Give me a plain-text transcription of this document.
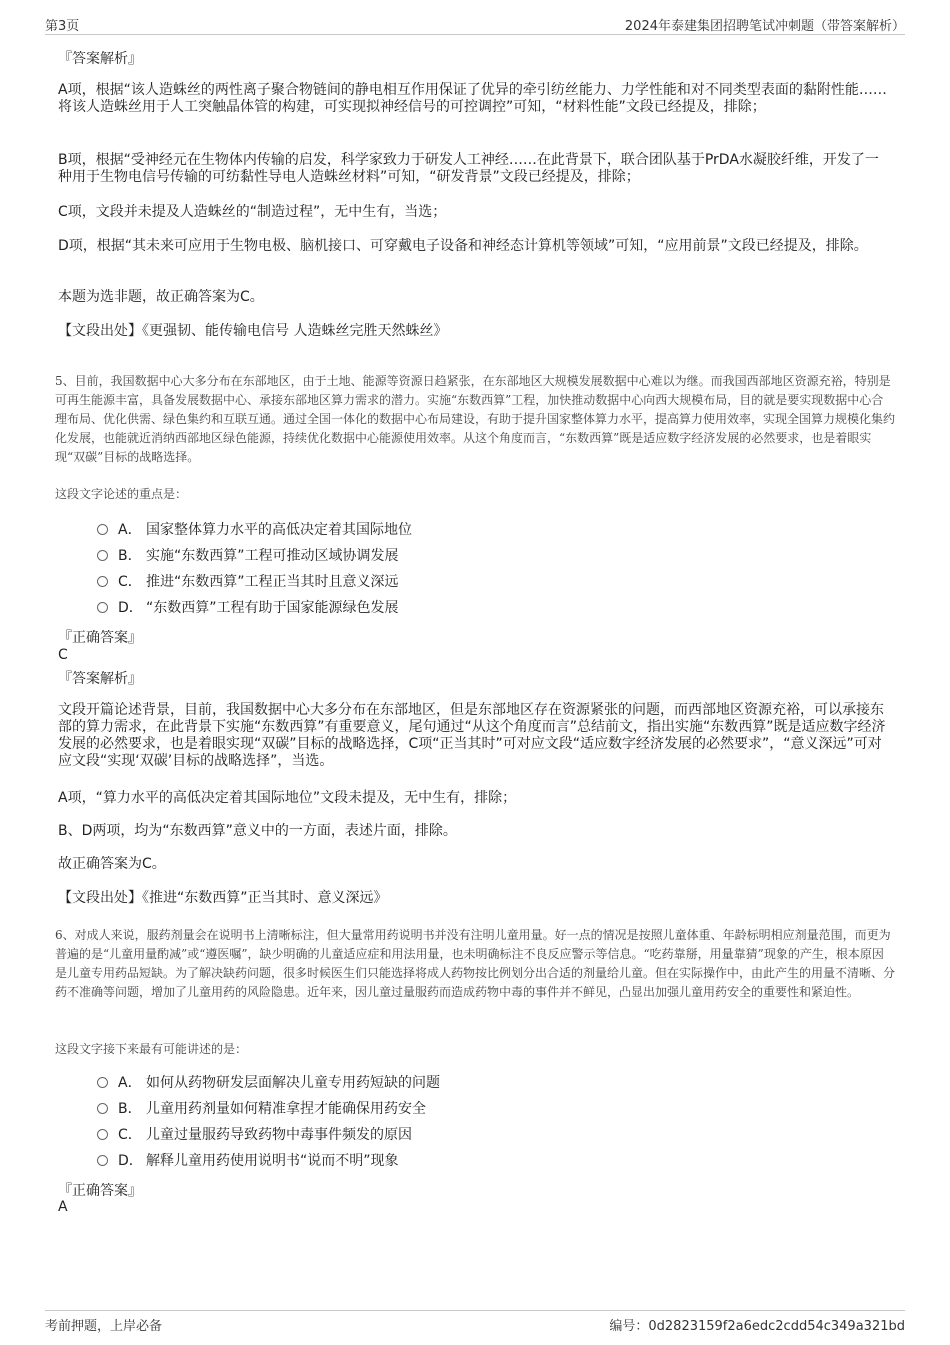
第3页	2024年泰建集团招聘笔试冲刺题（带答案解析）
『答案解析』

A项，根据“该人造蛛丝的两性离子聚合物链间的静电相互作用保证了优异的牵引纺丝能力、力学性能和对不同类型表面的黏附性能……将该人造蛛丝用于人工突触晶体管的构建，可实现拟神经信号的可控调控”可知，“材料性能”文段已经提及，排除；

B项，根据“受神经元在生物体内传输的启发，科学家致力于研发人工神经……在此背景下，联合团队基于PrDA水凝胶纤维，开发了一种用于生物电信号传输的可纺黏性导电人造蛛丝材料”可知，“研发背景”文段已经提及，排除；

C项，文段并未提及人造蛛丝的“制造过程”，无中生有，当选；

D项，根据“其未来可应用于生物电极、脑机接口、可穿戴电子设备和神经态计算机等领域”可知，“应用前景”文段已经提及，排除。

本题为选非题，故正确答案为C。

【文段出处】《更强韧、能传输电信号 人造蛛丝完胜天然蛛丝》

5、目前，我国数据中心大多分布在东部地区，由于土地、能源等资源日趋紧张，在东部地区大规模发展数据中心难以为继。而我国西部地区资源充裕，特别是可再生能源丰富，具备发展数据中心、承接东部地区算力需求的潜力。实施“东数西算”工程，加快推动数据中心向西大规模布局，目的就是要实现数据中心合理布局、优化供需、绿色集约和互联互通。通过全国一体化的数据中心布局建设，有助于提升国家整体算力水平，提高算力使用效率，实现全国算力规模化集约化发展，也能就近消纳西部地区绿色能源，持续优化数据中心能源使用效率。从这个角度而言，“东数西算”既是适应数字经济发展的必然要求，也是着眼实现“双碳”目标的战略选择。

这段文字论述的重点是：
A． 国家整体算力水平的高低决定着其国际地位
B． 实施“东数西算”工程可推动区域协调发展
C． 推进“东数西算”工程正当其时且意义深远
D． “东数西算”工程有助于国家能源绿色发展
『正确答案』
C
『答案解析』

文段开篇论述背景，目前，我国数据中心大多分布在东部地区，但是东部地区存在资源紧张的问题，而西部地区资源充裕，可以承接东部的算力需求，在此背景下实施“东数西算”有重要意义，尾句通过“从这个角度而言”总结前文，指出实施“东数西算”既是适应数字经济发展的必然要求，也是着眼实现“双碳”目标的战略选择，C项“正当其时”可对应文段“适应数字经济发展的必然要求”，“意义深远”可对应文段“实现‘双碳’目标的战略选择”，当选。

A项，“算力水平的高低决定着其国际地位”文段未提及，无中生有，排除；

B、D两项，均为“东数西算”意义中的一方面，表述片面，排除。

故正确答案为C。

【文段出处】《推进“东数西算”正当其时、意义深远》

6、对成人来说，服药剂量会在说明书上清晰标注，但大量常用药说明书并没有注明儿童用量。好一点的情况是按照儿童体重、年龄标明相应剂量范围，而更为普遍的是“儿童用量酌减”或“遵医嘱”，缺少明确的儿童适应症和用法用量，也未明确标注不良反应警示等信息。“吃药靠掰，用量靠猜”现象的产生，根本原因是儿童专用药品短缺。为了解决缺药问题，很多时候医生们只能选择将成人药物按比例划分出合适的剂量给儿童。但在实际操作中，由此产生的用量不清晰、分药不准确等问题，增加了儿童用药的风险隐患。近年来，因儿童过量服药而造成药物中毒的事件并不鲜见，凸显出加强儿童用药安全的重要性和紧迫性。

这段文字接下来最有可能讲述的是：
A． 如何从药物研发层面解决儿童专用药短缺的问题
B． 儿童用药剂量如何精准拿捏才能确保用药安全
C． 儿童过量服药导致药物中毒事件频发的原因
D． 解释儿童用药使用说明书“说而不明”现象
『正确答案』
A
考前押题，上岸必备	编号：0d2823159f2a6edc2cdd54c349a321bd
